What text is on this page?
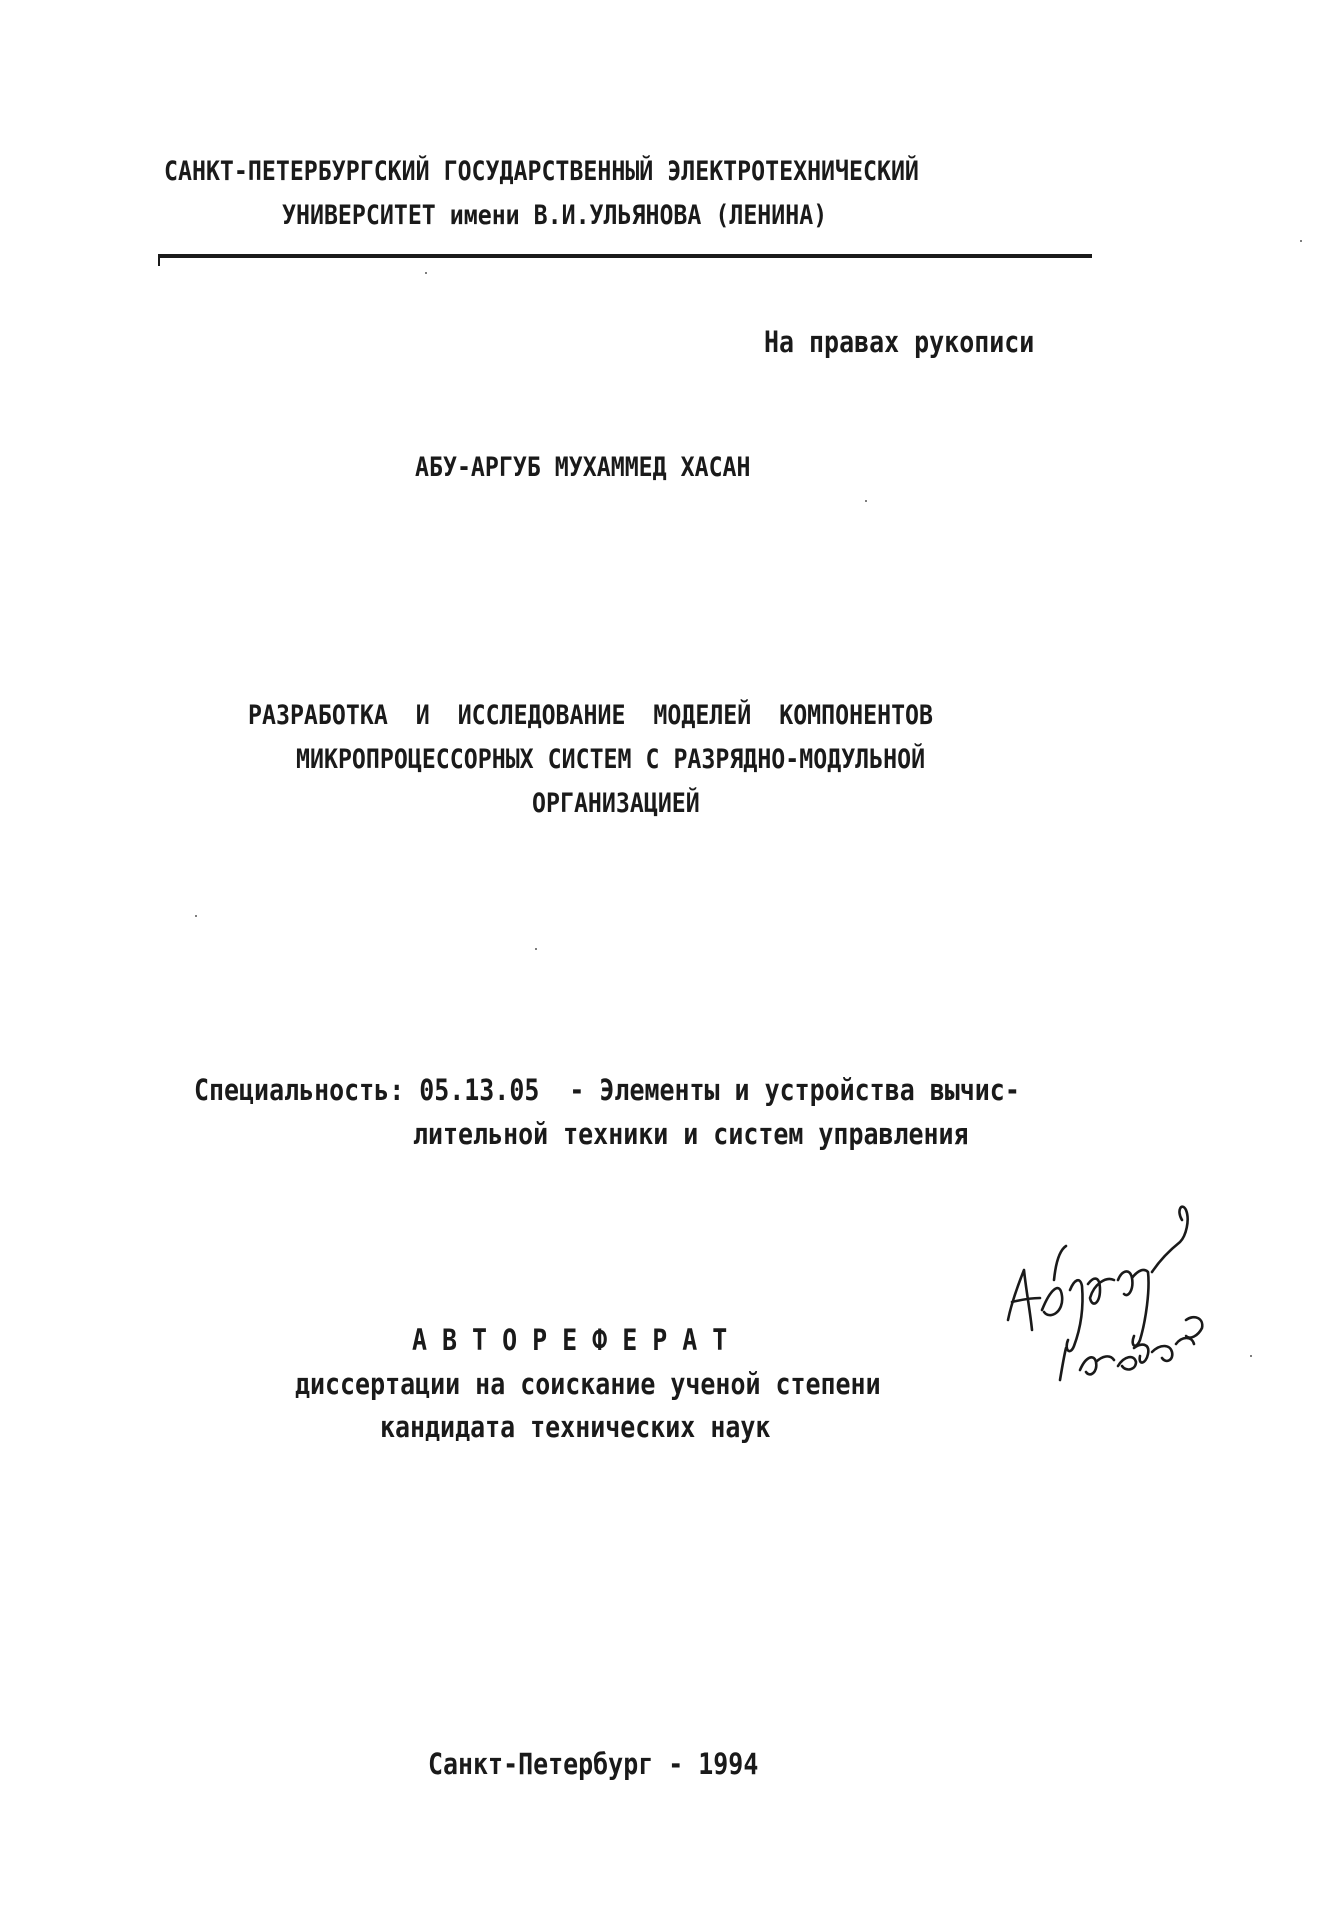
САНКТ-ПЕТЕРБУРГСКИЙ ГОСУДАРСТВЕННЫЙ ЭЛЕКТРОТЕХНИЧЕСКИЙ
УНИВЕРСИТЕТ имени В.И.УЛЬЯНОВА (ЛЕНИНА)
На правах рукописи
АБУ-АРГУБ МУХАММЕД ХАСАН
РАЗРАБОТКА  И  ИССЛЕДОВАНИЕ  МОДЕЛЕЙ  КОМПОНЕНТОВ
МИКРОПРОЦЕССОРНЫХ СИСТЕМ С РАЗРЯДНО-МОДУЛЬНОЙ
ОРГАНИЗАЦИЕЙ
Специальность: 05.13.05  - Элементы и устройства вычис-
лительной техники и систем управления
А В Т О Р Е Ф Е Р А Т
диссертации на соискание ученой степени
кандидата технических наук
Санкт-Петербург - 1994
